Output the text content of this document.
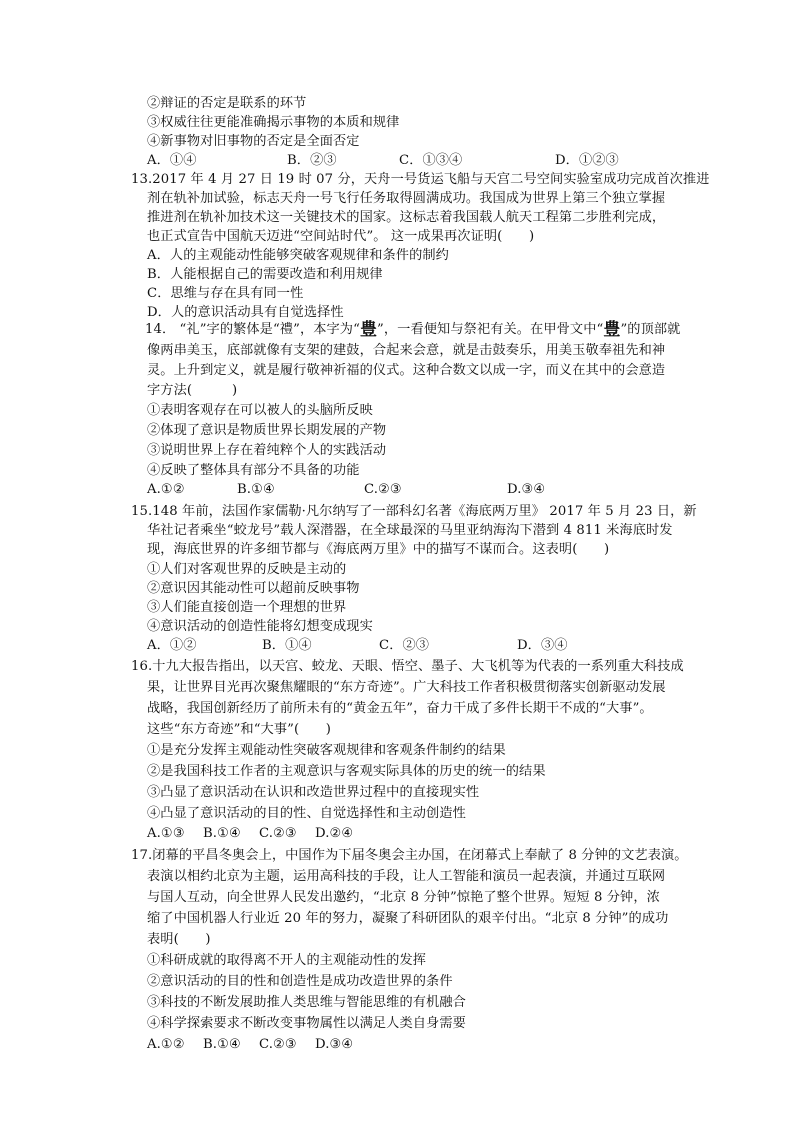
②辩证的否定是联系的环节
③权威往往更能准确揭示事物的本质和规律
④新事物对旧事物的否定是全面否定
A．①④	B．②③	C．①③④	D．①②③
13.2017 年 4 月 27 日 19 时 07 分，天舟一号货运飞船与天宫二号空间实验室成功完成首次推进
剂在轨补加试验，标志天舟一号飞行任务取得圆满成功。我国成为世界上第三个独立掌握
推进剂在轨补加技术这一关键技术的国家。这标志着我国载人航天工程第二步胜利完成，
也正式宣告中国航天迈进“空间站时代”。 这一成果再次证明(　　)
A．人的主观能动性能够突破客观规律和条件的制约
B．人能根据自己的需要改造和利用规律
C．思维与存在具有同一性
D．人的意识活动具有自觉选择性
14． “礼”字的繁体是“禮”，本字为“豊”，一看便知与祭祀有关。在甲骨文中“豊”的顶部就
像两串美玉，底部就像有支架的建鼓，合起来会意，就是击鼓奏乐，用美玉敬奉祖先和神
灵。上升到定义，就是履行敬神祈福的仪式。这种合数文以成一字，而义在其中的会意造
字方法(　　　)
①表明客观存在可以被人的头脑所反映
②体现了意识是物质世界长期发展的产物
③说明世界上存在着纯粹个人的实践活动
④反映了整体具有部分不具备的功能
A.①②	B.①④	C.②③	D.③④
15.148 年前，法国作家儒勒·凡尔纳写了一部科幻名著《海底两万里》 2017 年 5 月 23 日，新
华社记者乘坐“蛟龙号”载人深潜器，在全球最深的马里亚纳海沟下潜到 4 811 米海底时发
现，海底世界的许多细节都与《海底两万里》中的描写不谋而合。这表明(　　)
①人们对客观世界的反映是主动的
②意识因其能动性可以超前反映事物
③人们能直接创造一个理想的世界
④意识活动的创造性能将幻想变成现实
A．①②	B．①④	C．②③	D．③④
16.十九大报告指出，以天宫、蛟龙、天眼、悟空、墨子、大飞机等为代表的一系列重大科技成
果，让世界目光再次聚焦耀眼的“东方奇迹”。广大科技工作者积极贯彻落实创新驱动发展
战略，我国创新经历了前所未有的“黄金五年”，奋力干成了多件长期干不成的“大事”。
这些“东方奇迹”和“大事”(　　)
①是充分发挥主观能动性突破客观规律和客观条件制约的结果
②是我国科技工作者的主观意识与客观实际具体的历史的统一的结果
③凸显了意识活动在认识和改造世界过程中的直接现实性
④凸显了意识活动的目的性、自觉选择性和主动创造性
A.①③ B.①④ C.②③ D.②④
17.闭幕的平昌冬奥会上，中国作为下届冬奥会主办国，在闭幕式上奉献了 8 分钟的文艺表演。
表演以相约北京为主题，运用高科技的手段，让人工智能和演员一起表演，并通过互联网
与国人互动，向全世界人民发出邀约，“北京 8 分钟”惊艳了整个世界。短短 8 分钟，浓
缩了中国机器人行业近 20 年的努力，凝聚了科研团队的艰辛付出。“北京 8 分钟”的成功
表明(　　)
①科研成就的取得离不开人的主观能动性的发挥
②意识活动的目的性和创造性是成功改造世界的条件
③科技的不断发展助推人类思维与智能思维的有机融合
④科学探索要求不断改变事物属性以满足人类自身需要
A.①② B.①④ C.②③ D.③④
